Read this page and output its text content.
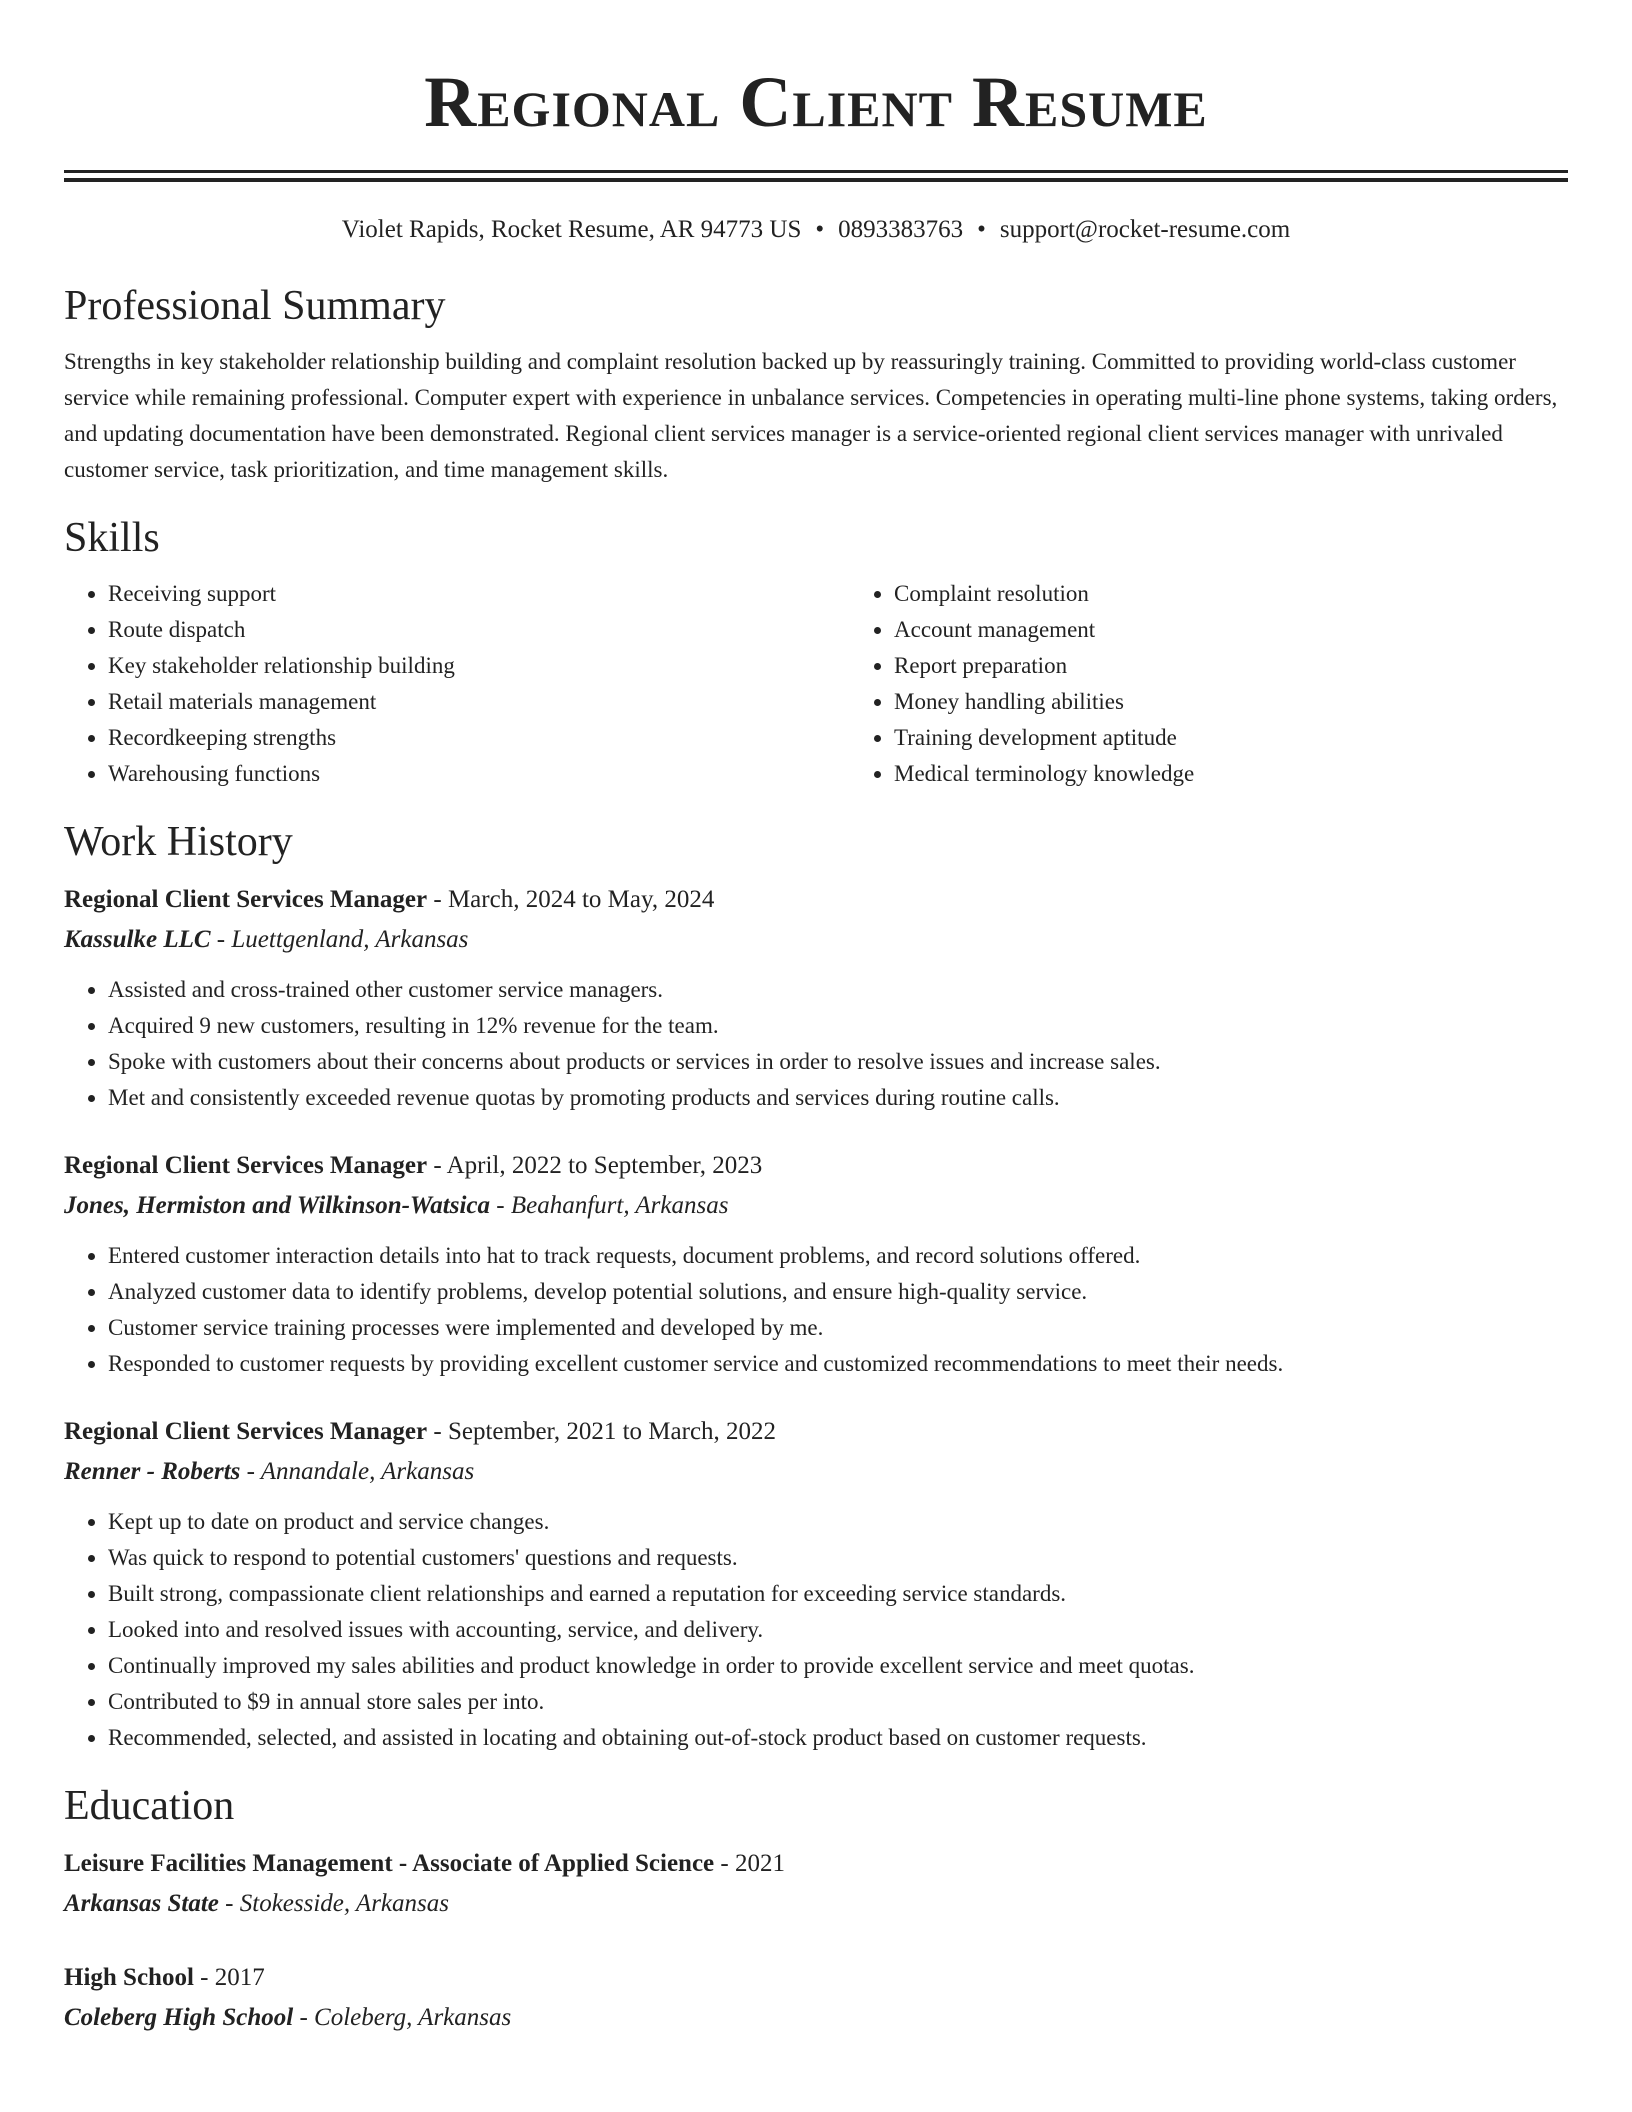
Regional Client Resume
Violet Rapids, Rocket Resume, AR 94773 US • 0893383763 • support@rocket-resume.com
Professional Summary

Strengths in key stakeholder relationship building and complaint resolution backed up by reassuringly training. Committed to providing world-class customer service while remaining professional. Computer expert with experience in unbalance services. Competencies in operating multi-line phone systems, taking orders, and updating documentation have been demonstrated. Regional client services manager is a service-oriented regional client services manager with unrivaled customer service, task prioritization, and time management skills.

Skills
• Receiving support
• Route dispatch
• Key stakeholder relationship building
• Retail materials management
• Recordkeeping strengths
• Warehousing functions
• Complaint resolution
• Account management
• Report preparation
• Money handling abilities
• Training development aptitude
• Medical terminology knowledge
Work History
Regional Client Services Manager - March, 2024 to May, 2024
Kassulke LLC - Luettgenland, Arkansas
• Assisted and cross-trained other customer service managers.
• Acquired 9 new customers, resulting in 12% revenue for the team.
• Spoke with customers about their concerns about products or services in order to resolve issues and increase sales.
• Met and consistently exceeded revenue quotas by promoting products and services during routine calls.
Regional Client Services Manager - April, 2022 to September, 2023
Jones, Hermiston and Wilkinson-Watsica - Beahanfurt, Arkansas
• Entered customer interaction details into hat to track requests, document problems, and record solutions offered.
• Analyzed customer data to identify problems, develop potential solutions, and ensure high-quality service.
• Customer service training processes were implemented and developed by me.
• Responded to customer requests by providing excellent customer service and customized recommendations to meet their needs.
Regional Client Services Manager - September, 2021 to March, 2022
Renner - Roberts - Annandale, Arkansas
• Kept up to date on product and service changes.
• Was quick to respond to potential customers' questions and requests.
• Built strong, compassionate client relationships and earned a reputation for exceeding service standards.
• Looked into and resolved issues with accounting, service, and delivery.
• Continually improved my sales abilities and product knowledge in order to provide excellent service and meet quotas.
• Contributed to $9 in annual store sales per into.
• Recommended, selected, and assisted in locating and obtaining out-of-stock product based on customer requests.
Education
Leisure Facilities Management - Associate of Applied Science - 2021
Arkansas State - Stokesside, Arkansas
High School - 2017
Coleberg High School - Coleberg, Arkansas
